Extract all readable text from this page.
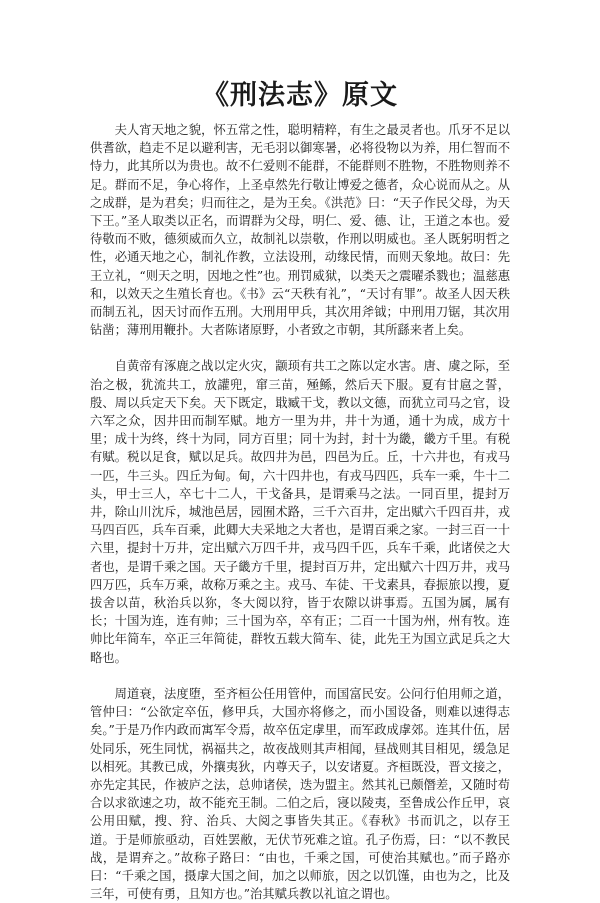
《刑法志》原文

夫人宵天地之貌，怀五常之性，聪明精粹，有生之最灵者也。爪牙不足以供耆欲，趋走不足以避利害，无毛羽以御寒暑，必将役物以为养，用仁智而不恃力，此其所以为贵也。故不仁爱则不能群，不能群则不胜物，不胜物则养不足。群而不足，争心将作，上圣卓然先行敬让博爱之德者，众心说而从之。从之成群，是为君矣；归而往之，是为王矣。《洪范》曰：“天子作民父母，为天下王。”圣人取类以正名，而谓群为父母，明仁、爱、德、让，王道之本也。爱待敬而不败，德须威而久立，故制礼以崇敬，作刑以明威也。圣人既躬明哲之性，必通天地之心，制礼作教，立法设刑，动缘民情，而则天象地。故曰：先王立礼，“则天之明，因地之性”也。刑罚威狱，以类天之震曜杀戮也；温慈惠和，以效天之生殖长育也。《书》云“天秩有礼”，“天讨有罪”。故圣人因天秩而制五礼，因天讨而作五刑。大刑用甲兵，其次用斧钺；中刑用刀锯，其次用钻凿；薄刑用鞭扑。大者陈诸原野，小者致之市朝，其所繇来者上矣。

自黄帝有涿鹿之战以定火灾，颛顼有共工之陈以定水害。唐、虞之际，至治之极，犹流共工，放讙兜，窜三苗，殛鲧，然后天下服。夏有甘扈之誓，殷、周以兵定天下矣。天下既定，戢臧干戈，教以文德，而犹立司马之官，设六军之众，因井田而制军赋。地方一里为井，井十为通，通十为成，成方十里；成十为终，终十为同，同方百里；同十为封，封十为畿，畿方千里。有税有赋。税以足食，赋以足兵。故四井为邑，四邑为丘。丘，十六井也，有戎马一匹，牛三头。四丘为甸。甸，六十四井也，有戎马四匹，兵车一乘，牛十二头，甲士三人，卒七十二人，干戈备具，是谓乘马之法。一同百里，提封万井，除山川沈斥，城池邑居，园囿术路，三千六百井，定出赋六千四百井，戎马四百匹，兵车百乘，此卿大夫采地之大者也，是谓百乘之家。一封三百一十六里，提封十万井，定出赋六万四千井，戎马四千匹，兵车千乘，此诸侯之大者也，是谓千乘之国。天子畿方千里，提封百万井，定出赋六十四万井，戎马四万匹，兵车万乘，故称万乘之主。戎马、车徒、干戈素具，春振旅以搜，夏拔舍以苗，秋治兵以狝，冬大阅以狩，皆于农隙以讲事焉。五国为属，属有长；十国为连，连有帅；三十国为卒，卒有正；二百一十国为州，州有牧。连帅比年简车，卒正三年简徒，群牧五载大简车、徒，此先王为国立武足兵之大略也。

周道衰，法度堕，至齐桓公任用管仲，而国富民安。公问行伯用师之道，管仲曰：“公欲定卒伍，修甲兵，大国亦将修之，而小国设备，则难以速得志矣。”于是乃作内政而寓军令焉，故卒伍定虖里，而军政成虖郊。连其什伍，居处同乐，死生同忧，祸福共之，故夜战则其声相闻，昼战则其目相见，缓急足以相死。其教已成，外攘夷狄，内尊天子，以安诸夏。齐桓既没，晋文接之，亦先定其民，作被庐之法，总帅诸侯，迭为盟主。然其礼已颇僭差，又随时苟合以求欲速之功，故不能充王制。二伯之后，寖以陵夷，至鲁成公作丘甲，哀公用田赋，搜、狩、治兵、大阅之事皆失其正。《春秋》书而讥之，以存王道。于是师旅亟动，百姓罢敝，无伏节死难之谊。孔子伤焉，曰：“以不教民战，是谓弃之。”故称子路曰：“由也，千乘之国，可使治其赋也。”而子路亦曰：“千乘之国，摄虖大国之间，加之以师旅，因之以饥馑，由也为之，比及三年，可使有勇，且知方也。”治其赋兵教以礼谊之谓也。
